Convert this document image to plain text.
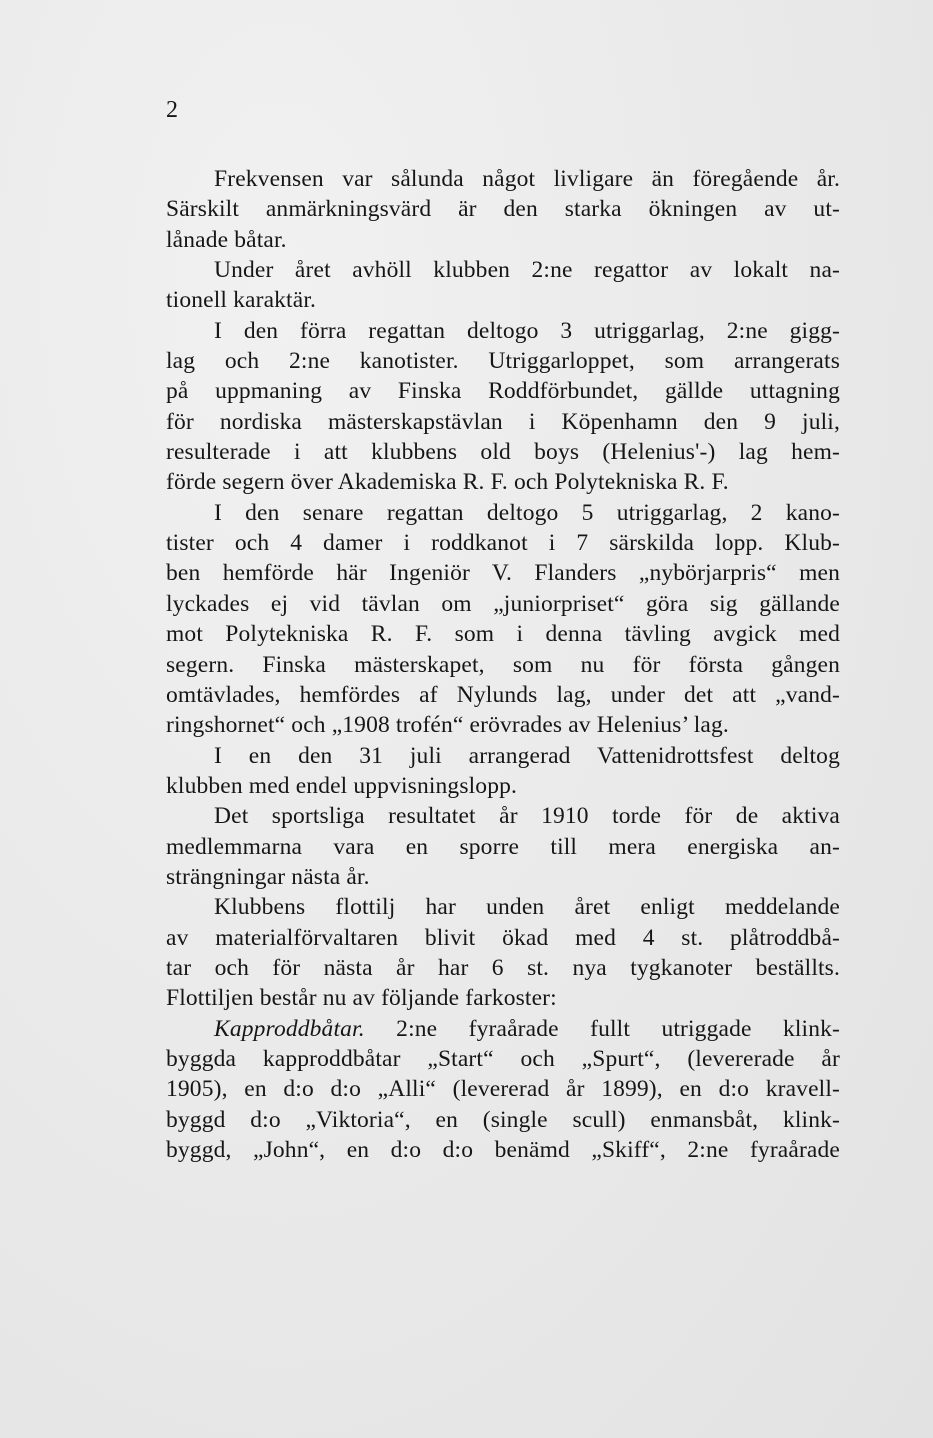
2
Frekvensen var sålunda något livligare än föregående år.
Särskilt anmärkningsvärd är den starka ökningen av ut-
lånade båtar.
Under året avhöll klubben 2:ne regattor av lokalt na-
tionell karaktär.
I den förra regattan deltogo 3 utriggarlag, 2:ne gigg-
lag och 2:ne kanotister. Utriggarloppet, som arrangerats
på uppmaning av Finska Roddförbundet, gällde uttagning
för nordiska mästerskapstävlan i Köpenhamn den 9 juli,
resulterade i att klubbens old boys (Helenius'-) lag hem-
förde segern över Akademiska R. F. och Polytekniska R. F.
I den senare regattan deltogo 5 utriggarlag, 2 kano-
tister och 4 damer i roddkanot i 7 särskilda lopp. Klub-
ben hemförde här Ingeniör V. Flanders „nybörjarpris“ men
lyckades ej vid tävlan om „juniorpriset“ göra sig gällande
mot Polytekniska R. F. som i denna tävling avgick med
segern. Finska mästerskapet, som nu för första gången
omtävlades, hemfördes af Nylunds lag, under det att „vand-
ringshornet“ och „1908 trofén“ erövrades av Helenius’ lag.
I en den 31 juli arrangerad Vattenidrottsfest deltog
klubben med endel uppvisningslopp.
Det sportsliga resultatet år 1910 torde för de aktiva
medlemmarna vara en sporre till mera energiska an-
strängningar nästa år.
Klubbens flottilj har unden året enligt meddelande
av materialförvaltaren blivit ökad med 4 st. plåtroddbå-
tar och för nästa år har 6 st. nya tygkanoter beställts.
Flottiljen består nu av följande farkoster:
Kapproddbåtar. 2:ne fyraårade fullt utriggade klink-
byggda kapproddbåtar „Start“ och „Spurt“, (levererade år
1905), en d:o d:o „Alli“ (levererad år 1899), en d:o kravell-
byggd d:o „Viktoria“, en (single scull) enmansbåt, klink-
byggd, „John“, en d:o d:o benämd „Skiff“, 2:ne fyraårade
